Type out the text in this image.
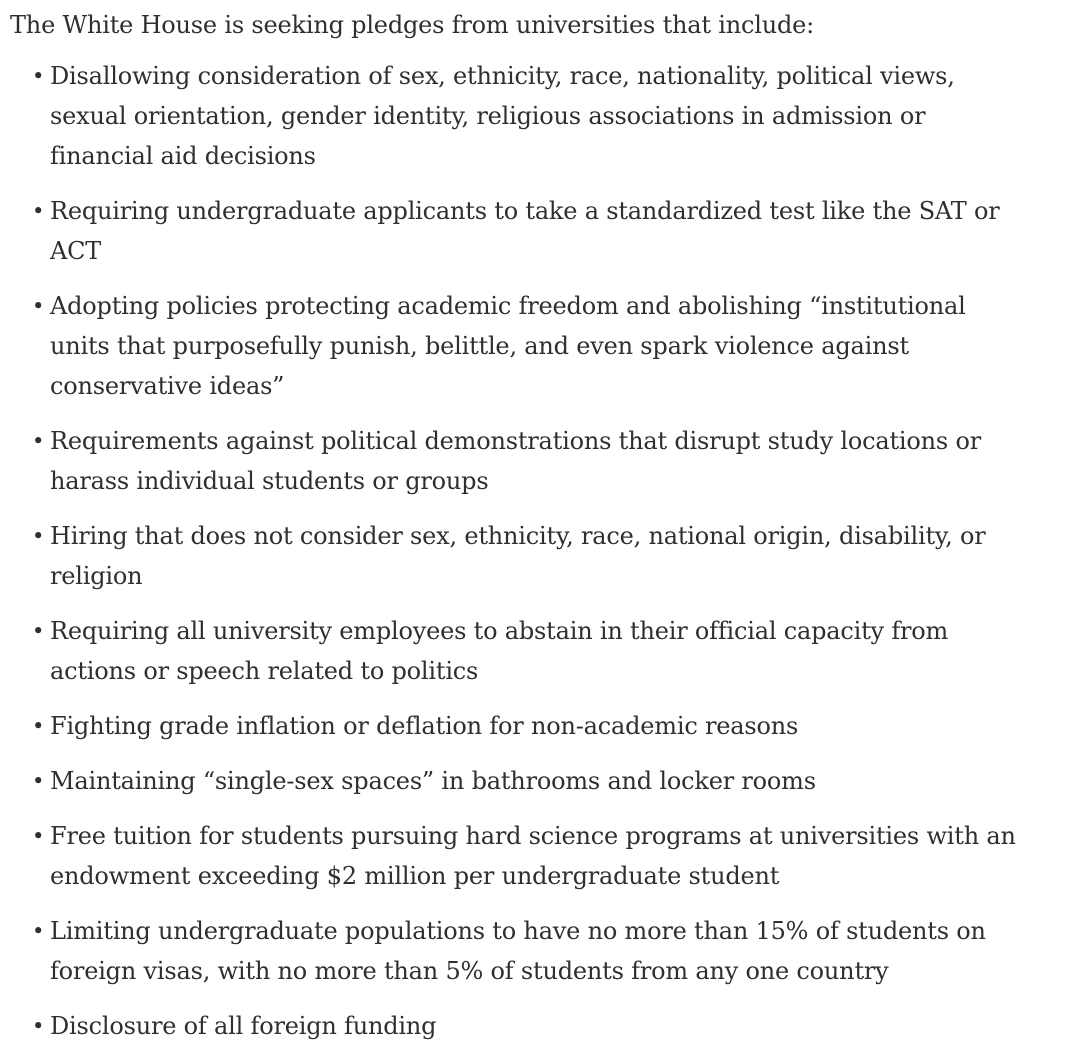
The White House is seeking pledges from universities that include:

• Disallowing consideration of sex, ethnicity, race, nationality, political views,
sexual orientation, gender identity, religious associations in admission or
financial aid decisions
• Requiring undergraduate applicants to take a standardized test like the SAT or
ACT
• Adopting policies protecting academic freedom and abolishing “institutional
units that purposefully punish, belittle, and even spark violence against
conservative ideas”
• Requirements against political demonstrations that disrupt study locations or
harass individual students or groups
• Hiring that does not consider sex, ethnicity, race, national origin, disability, or
religion
• Requiring all university employees to abstain in their official capacity from
actions or speech related to politics
• Fighting grade inflation or deflation for non-academic reasons
• Maintaining “single-sex spaces” in bathrooms and locker rooms
• Free tuition for students pursuing hard science programs at universities with an
endowment exceeding $2 million per undergraduate student
• Limiting undergraduate populations to have no more than 15% of students on
foreign visas, with no more than 5% of students from any one country
• Disclosure of all foreign funding
